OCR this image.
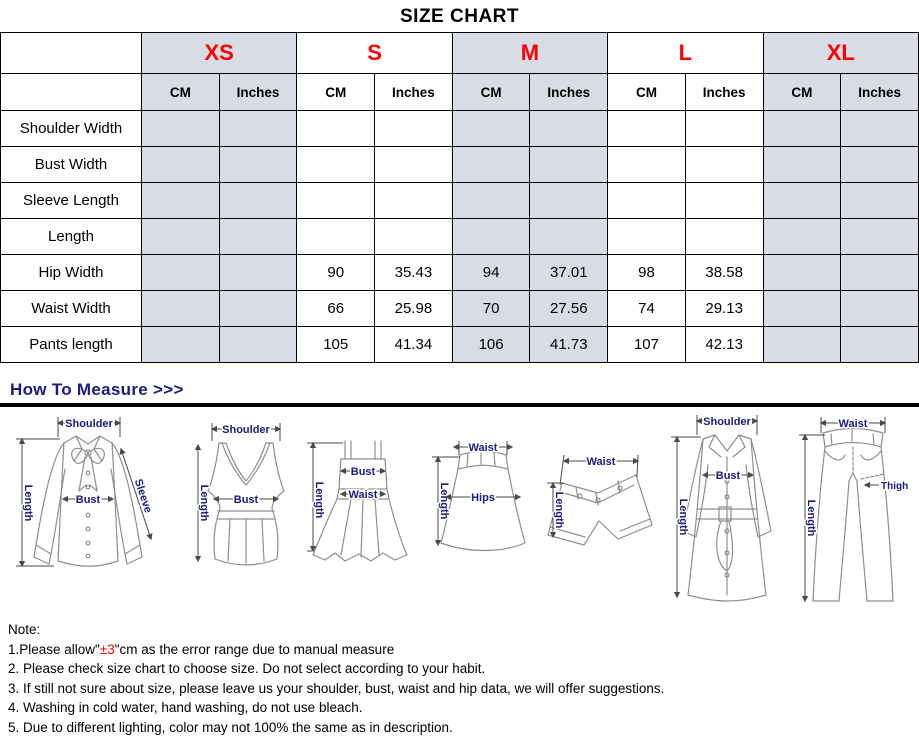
SIZE CHART
	XS		S		M		L		XL	
	CM	Inches	CM	Inches	CM	Inches	CM	Inches	CM	Inches
Shoulder Width										
Bust Width										
Sleeve Length										
Length										
Hip Width			90	35.43	94	37.01	98	38.58		
Waist Width			66	25.98	70	27.56	74	29.13		
Pants length			105	41.34	106	41.73	107	42.13		
How To Measure >>>
Shoulder
Length	Bust	Sleeve
Shoulder
Length Bust	Length
Bust
Waist
Waist
Length Hips
Waist
Length
Shoulder
Bust
Length
Waist
Length
Thigh
Note:
1.Please allow"±3"cm as the error range due to manual measure
2. Please check size chart to choose size. Do not select according to your habit.
3. If still not sure about size, please leave us your shoulder, bust, waist and hip data, we will offer suggestions.
4. Washing in cold water, hand washing, do not use bleach.
5. Due to different lighting, color may not 100% the same as in description.
